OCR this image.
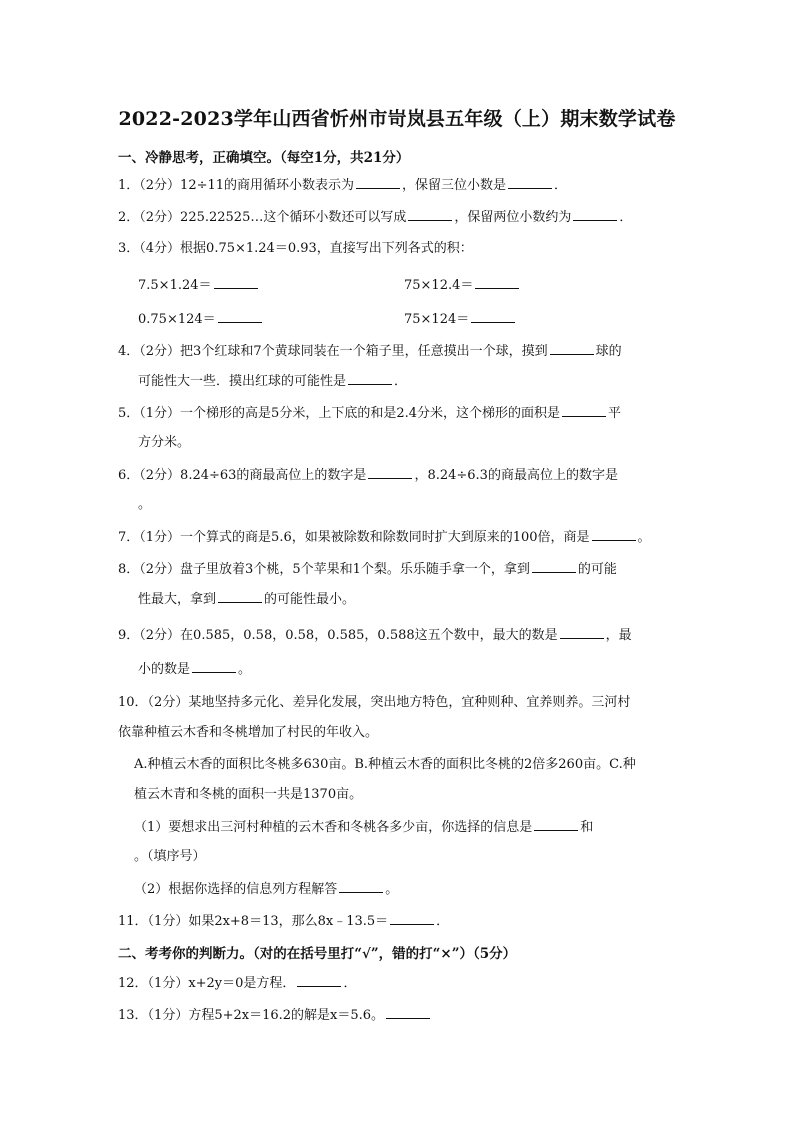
2022-2023学年山西省忻州市岢岚县五年级（上）期末数学试卷
一、冷静思考，正确填空。（每空1分，共21分）
1．（2分）12÷11的商用循环小数表示为	，保留三位小数是	．
2．（2分）225.22525…这个循环小数还可以写成	，保留两位小数约为	．
3．（4分）根据0.75×1.24＝0.93，直接写出下列各式的积：
7.5×1.24＝	75×12.4＝
0.75×124＝	75×124＝
4．（2分）把3个红球和7个黄球同装在一个箱子里，任意摸出一个球，摸到	球的
可能性大一些．摸出红球的可能性是	．
5．（1分）一个梯形的高是5分米，上下底的和是2.4分米，这个梯形的面积是	平
方分米。
6．（2分）8.24÷63的商最高位上的数字是	，8.24÷6.3的商最高位上的数字是
。
7．（1分）一个算式的商是5.6，如果被除数和除数同时扩大到原来的100倍，商是	。
8．（2分）盘子里放着3个桃，5个苹果和1个梨。乐乐随手拿一个，拿到	的可能
性最大，拿到	的可能性最小。
9．（2分）在0.585，0.58，0.58，0.585，0.588这五个数中，最大的数是	，最
小的数是	。
10．（2分）某地坚持多元化、差异化发展，突出地方特色，宜种则种、宜养则养。三河村
依靠种植云木香和冬桃增加了村民的年收入。
A.种植云木香的面积比冬桃多630亩。B.种植云木香的面积比冬桃的2倍多260亩。C.种
植云木青和冬桃的面积一共是1370亩。
（1）要想求出三河村种植的云木香和冬桃各多少亩，你选择的信息是	和
。（填序号）
（2）根据你选择的信息列方程解答	。
11．（1分）如果2x+8＝13，那么8x﹣13.5＝	．
二、考考你的判断力。（对的在括号里打“√”，错的打“×”）（5分）
12．（1分）x+2y＝0是方程．	．
13．（1分）方程5+2x＝16.2的解是x＝5.6。
